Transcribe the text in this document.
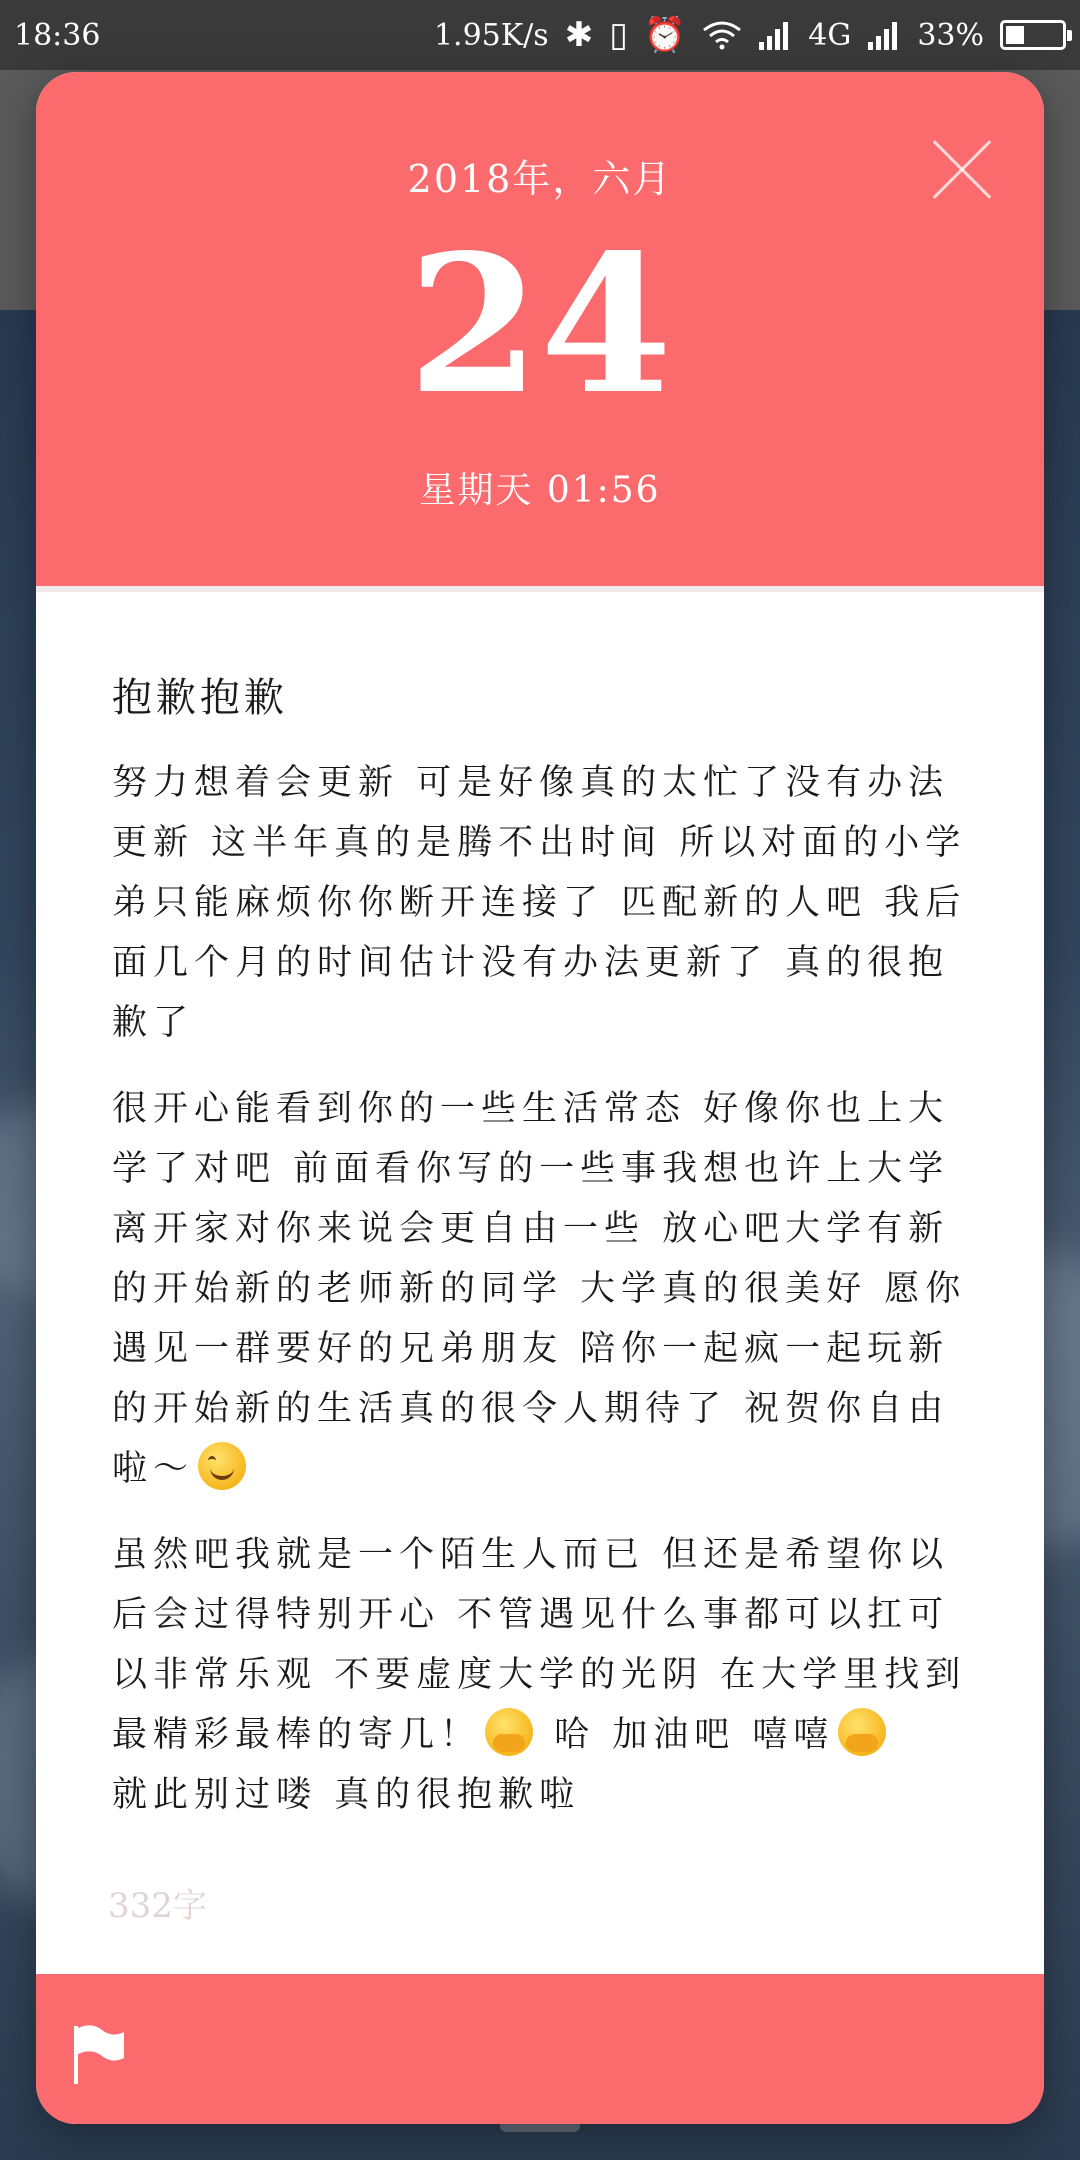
18:36	1.95K/s ✱ ▯ ⏰	4G 33%
2018年，六月
24
星期天 01:56
抱歉抱歉
努力想着会更新 可是好像真的太忙了没有办法更新 这半年真的是腾不出时间 所以对面的小学弟只能麻烦你你断开连接了 匹配新的人吧 我后面几个月的时间估计没有办法更新了 真的很抱歉了
很开心能看到你的一些生活常态 好像你也上大学了对吧 前面看你写的一些事我想也许上大学离开家对你来说会更自由一些 放心吧大学有新的开始新的老师新的同学 大学真的很美好 愿你遇见一群要好的兄弟朋友 陪你一起疯一起玩新的开始新的生活真的很令人期待了 祝贺你自由啦～
虽然吧我就是一个陌生人而已 但还是希望你以后会过得特别开心 不管遇见什么事都可以扛可以非常乐观 不要虚度大学的光阴 在大学里找到最精彩最棒的寄几！ 哈 加油吧 嘻嘻
就此别过喽 真的很抱歉啦
332字
